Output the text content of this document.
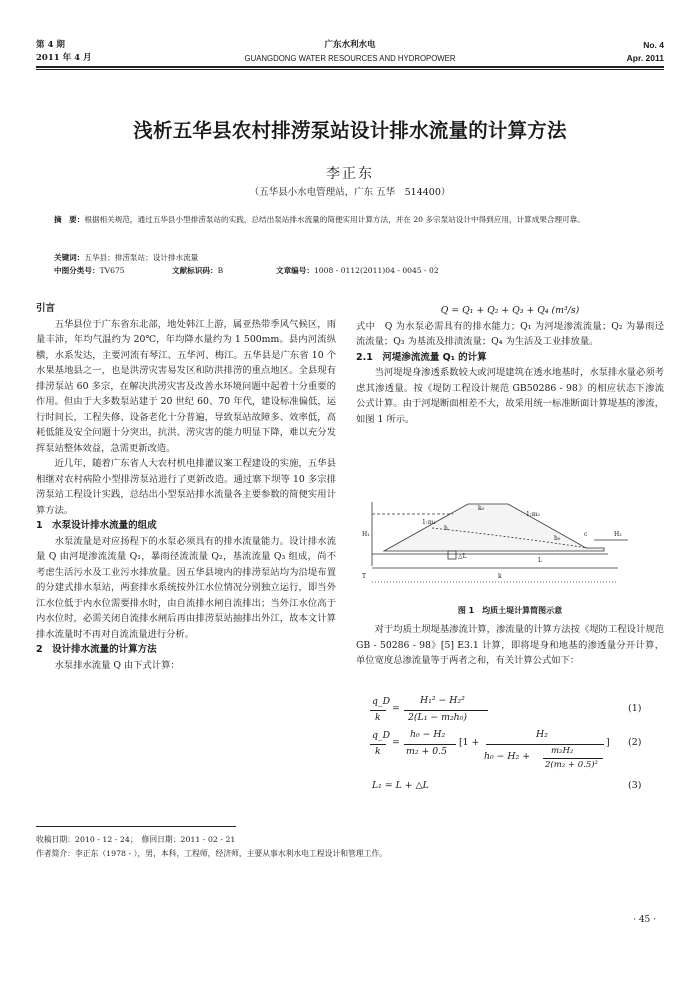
第 4 期
2011 年 4 月
广东水利水电
GUANGDONG WATER RESOURCES AND HYDROPOWER
No. 4
Apr. 2011
浅析五华县农村排涝泵站设计排水流量的计算方法
李正东
（五华县小水电管理站，广东 五华　514400）
摘　要：根据相关规范，通过五华县小型排涝泵站的实践，总结出泵站排水流量的简便实用计算方法，并在 20 多宗泵站设计中得到应用，计算成果合理可靠。
关键词：五华县；排涝泵站；设计排水流量
中图分类号：TV675	文献标识码：B	文章编号：1008 - 0112(2011)04 - 0045 - 02

引言

五华县位于广东省东北部，地处韩江上游，属亚热带季风气候区，雨量丰沛，年均气温约为 20℃，年均降水量约为 1 500mm。县内河流纵横，水系发达，主要河流有琴江、五华河、梅江。五华县是广东省 10 个水果基地县之一，也是洪涝灾害易发区和防洪排涝的重点地区。全县现有排涝泵站 60 多宗，在解决洪涝灾害及改善水环境问题中起着十分重要的作用。但由于大多数泵站建于 20 世纪 60、70 年代，建设标准偏低，运行时间长，工程失修、设备老化十分普遍，导致泵站故障多、效率低，高耗低能及安全问题十分突出，抗洪、涝灾害的能力明显下降，难以充分发挥泵站整体效益，急需更新改造。

近几年，随着广东省人大农村机电排灌议案工程建设的实施，五华县相继对农村病险小型排涝泵站进行了更新改造。通过寨下坝等 10 多宗排涝泵站工程设计实践，总结出小型泵站排水流量各主要参数的简便实用计算方法。

1　水泵设计排水流量的组成

水泵流量是对应扬程下的水泵必须具有的排水流量能力。设计排水流量 Q 由河堤渗流流量 Q₁，暴雨径流流量 Q₂，基流流量 Q₃ 组成，尚不考虑生活污水及工业污水排放量。因五华县境内的排涝泵站均为沿堤布置的分建式排水泵站，两套排水系统按外江水位情况分别独立运行，即当外江水位低于内水位需要排水时，由自流排水闸自流排出；当外江水位高于内水位时，必需关闭自流排水闸后再由排涝泵站抽排出外江，故本文计算排水流量时不再对自流流量进行分析。

2　设计排水流量的计算方法

水泵排水流量 Q 由下式计算：

Q = Q₁ + Q₂ + Q₃ + Q₄ (m³/s)

式中　Q 为水泵必需具有的排水能力；Q₁ 为河堤渗流流量；Q₂ 为暴雨迳流流量；Q₃ 为基流及排渍流量；Q₄ 为生活及工业排放量。

2.1　河堤渗流流量 Q₁ 的计算

当河堤堤身渗透系数较大或河堤建筑在透水地基时，水泵排水量必须考虑其渗透量。按《堤防工程设计规范 GB50286 - 98》的相应状态下渗流公式计算。由于河堤断面相差不大，故采用统一标准断面计算堤基的渗流，如图 1 所示。

H₁
h
h₀
1:m₁
1:m₂
L
△L
T	k
k₀
H₂
c
图 1　均质土堤计算简图示意

对于均质土坝堤基渗流计算，渗流量的计算方法按《堤防工程设计规范 GB - 50286 - 98》[5] E3.1 计算，即将堤身和地基的渗透量分开计算，单位宽度总渗流量等于两者之和，有关计算公式如下：

q_D
k
=
H₁² − H₂²
2(L₁ − m₂h₀)
(1)
q_D
k
=
h₀ − H₂
m₂ + 0.5
[1 +
H₂
h₀ − H₂ + m₂H₂
2(m₂ + 0.5)²
] (2)
L₁ = L + △L	(3)
收稿日期：2010 - 12 - 24；　修回日期：2011 - 02 - 21
作者简介：李正东（1978 - ），男，本科，工程师，经济师，主要从事水利水电工程设计和管理工作。
· 45 ·
